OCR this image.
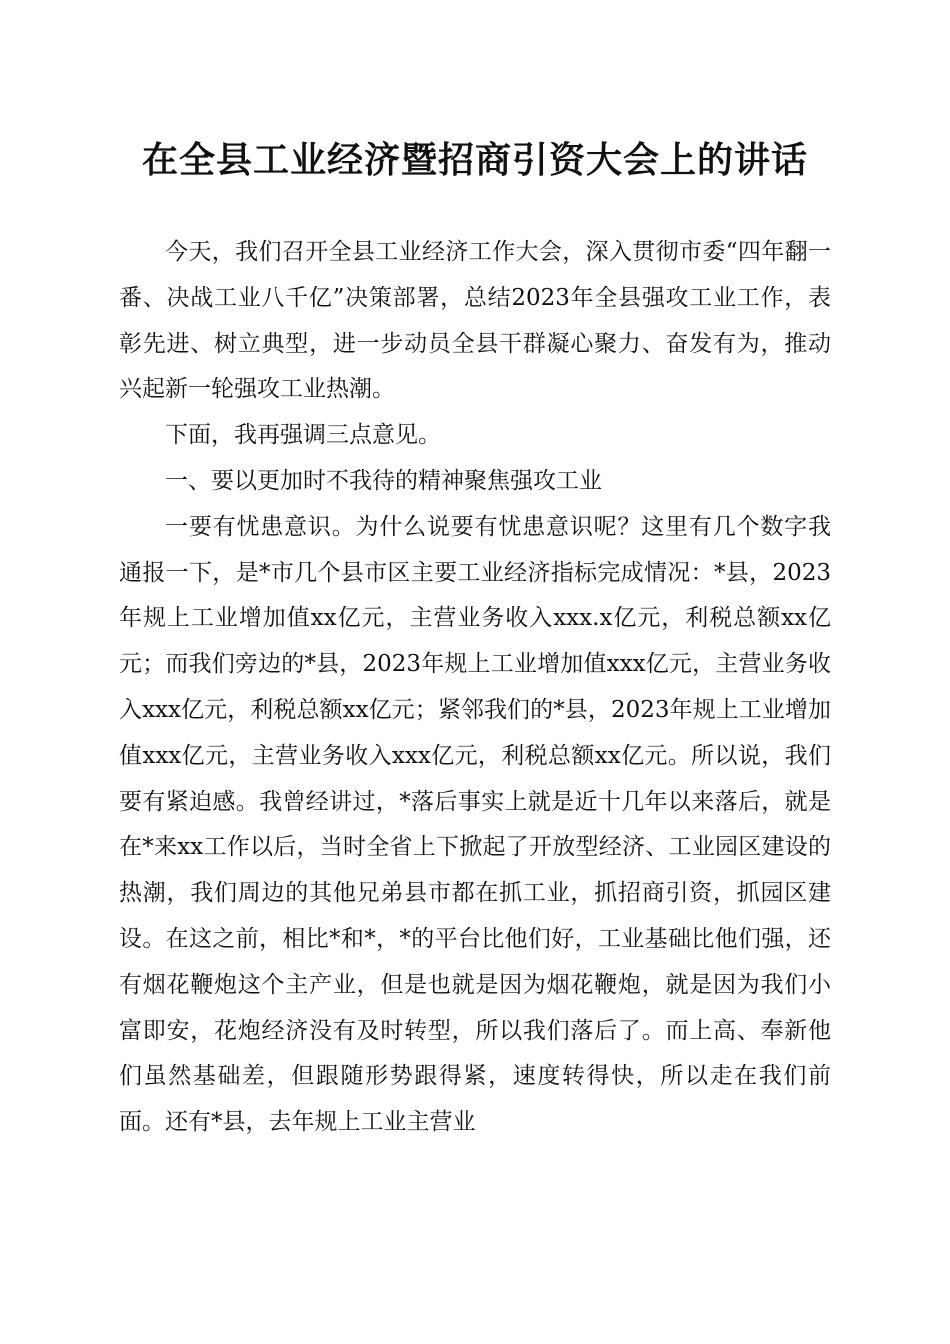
在全县工业经济暨招商引资大会上的讲话

今天，我们召开全县工业经济工作大会，深入贯彻市委“四年翻一番、决战工业八千亿”决策部署，总结2023年全县强攻工业工作，表彰先进、树立典型，进一步动员全县干群凝心聚力、奋发有为，推动兴起新一轮强攻工业热潮。

下面，我再强调三点意见。

一、要以更加时不我待的精神聚焦强攻工业

一要有忧患意识。为什么说要有忧患意识呢？这里有几个数字我通报一下，是*市几个县市区主要工业经济指标完成情况：*县，2023年规上工业增加值xx亿元，主营业务收入xxx.x亿元，利税总额xx亿元；而我们旁边的*县，2023年规上工业增加值xxx亿元，主营业务收入xxx亿元，利税总额xx亿元；紧邻我们的*县，2023年规上工业增加值xxx亿元，主营业务收入xxx亿元，利税总额xx亿元。所以说，我们要有紧迫感。我曾经讲过，*落后事实上就是近十几年以来落后，就是在*来xx工作以后，当时全省上下掀起了开放型经济、工业园区建设的热潮，我们周边的其他兄弟县市都在抓工业，抓招商引资，抓园区建设。在这之前，相比*和*，*的平台比他们好，工业基础比他们强，还有烟花鞭炮这个主产业，但是也就是因为烟花鞭炮，就是因为我们小富即安，花炮经济没有及时转型，所以我们落后了。而上高、奉新他们虽然基础差，但跟随形势跟得紧，速度转得快，所以走在我们前面。还有*县，去年规上工业主营业
